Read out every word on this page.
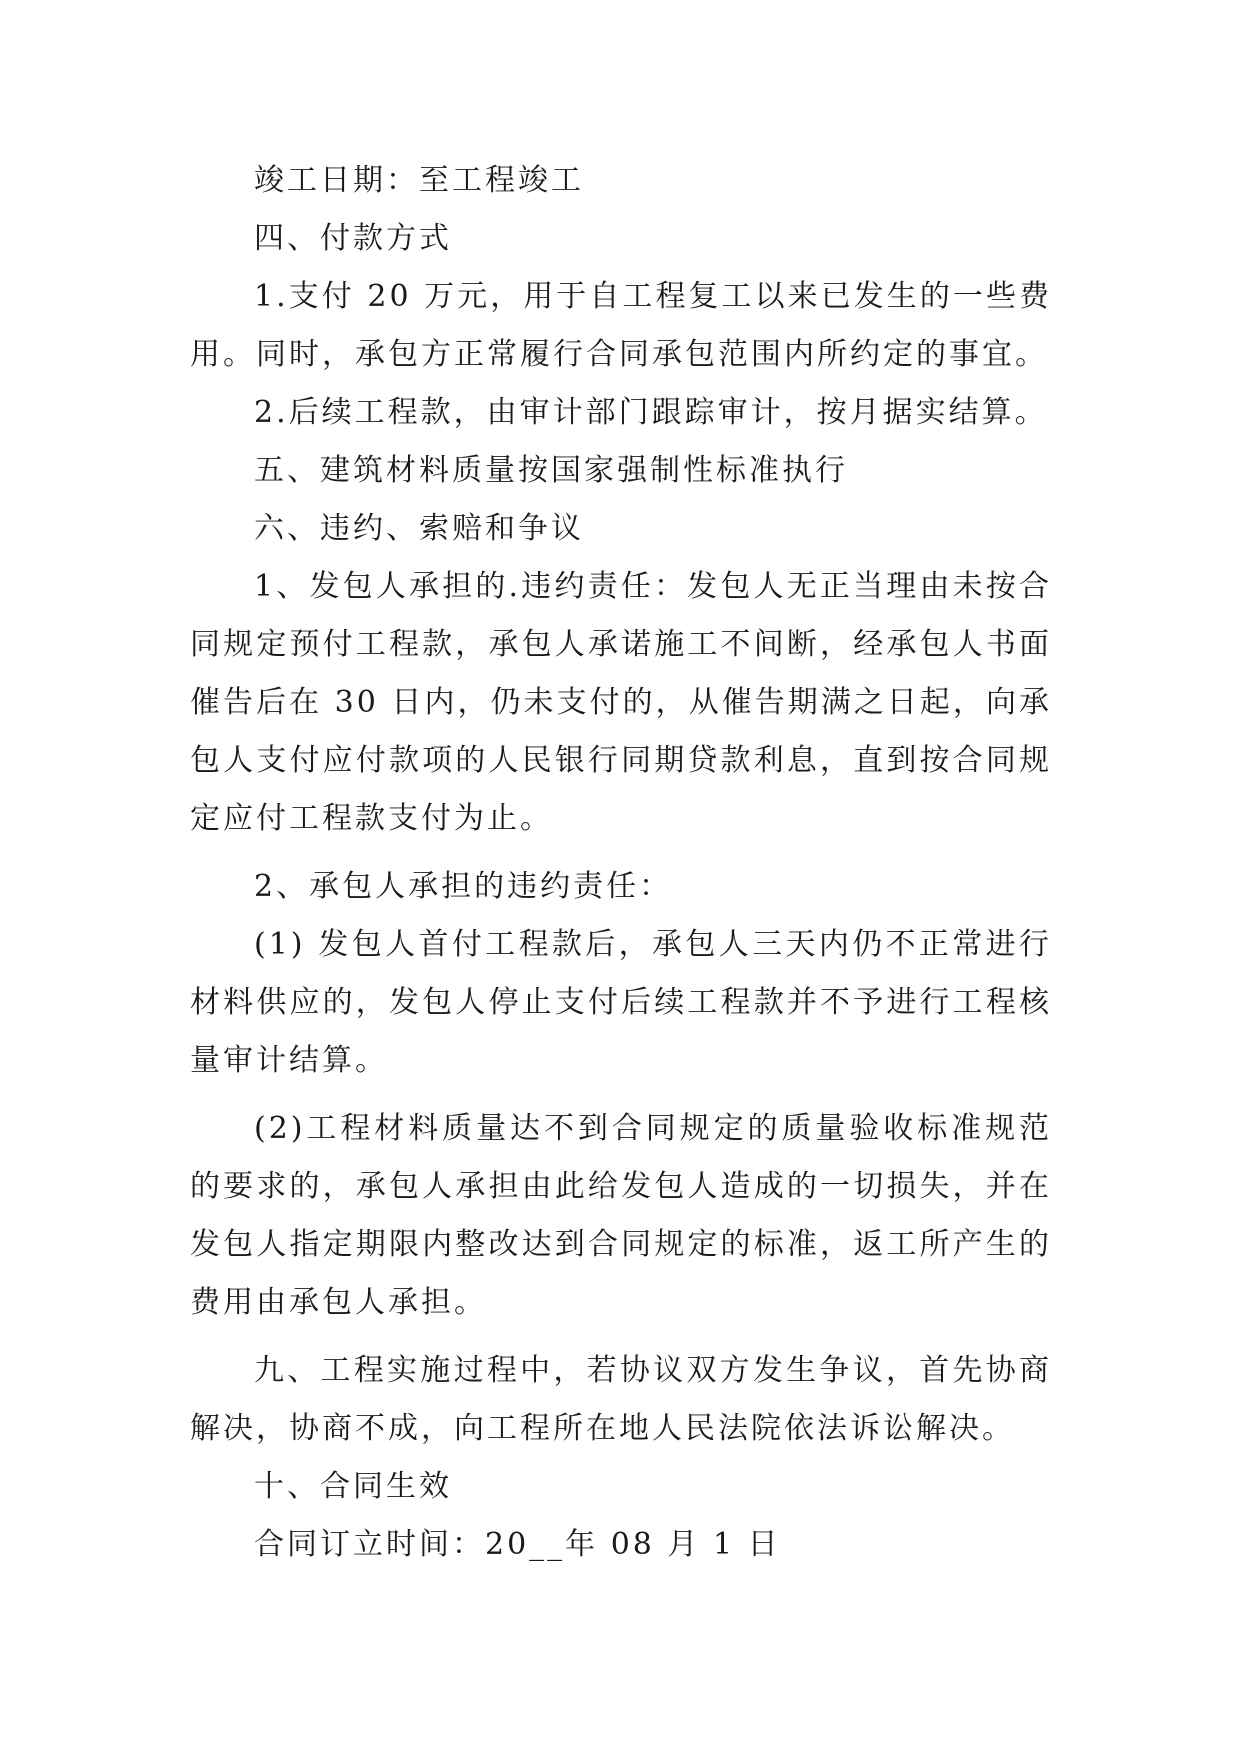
竣工日期：至工程竣工

四、付款方式

1.支付 20 万元，用于自工程复工以来已发生的一些费用。同时，承包方正常履行合同承包范围内所约定的事宜。

2.后续工程款，由审计部门跟踪审计，按月据实结算。

五、建筑材料质量按国家强制性标准执行

六、违约、索赔和争议

1、发包人承担的.违约责任：发包人无正当理由未按合同规定预付工程款，承包人承诺施工不间断，经承包人书面催告后在 30 日内，仍未支付的，从催告期满之日起，向承包人支付应付款项的人民银行同期贷款利息，直到按合同规定应付工程款支付为止。

2、承包人承担的违约责任：

(1) 发包人首付工程款后，承包人三天内仍不正常进行材料供应的，发包人停止支付后续工程款并不予进行工程核量审计结算。

(2)工程材料质量达不到合同规定的质量验收标准规范的要求的，承包人承担由此给发包人造成的一切损失，并在发包人指定期限内整改达到合同规定的标准，返工所产生的费用由承包人承担。

九、工程实施过程中，若协议双方发生争议，首先协商解决，协商不成，向工程所在地人民法院依法诉讼解决。

十、合同生效

合同订立时间：20__年 08 月 1 日
